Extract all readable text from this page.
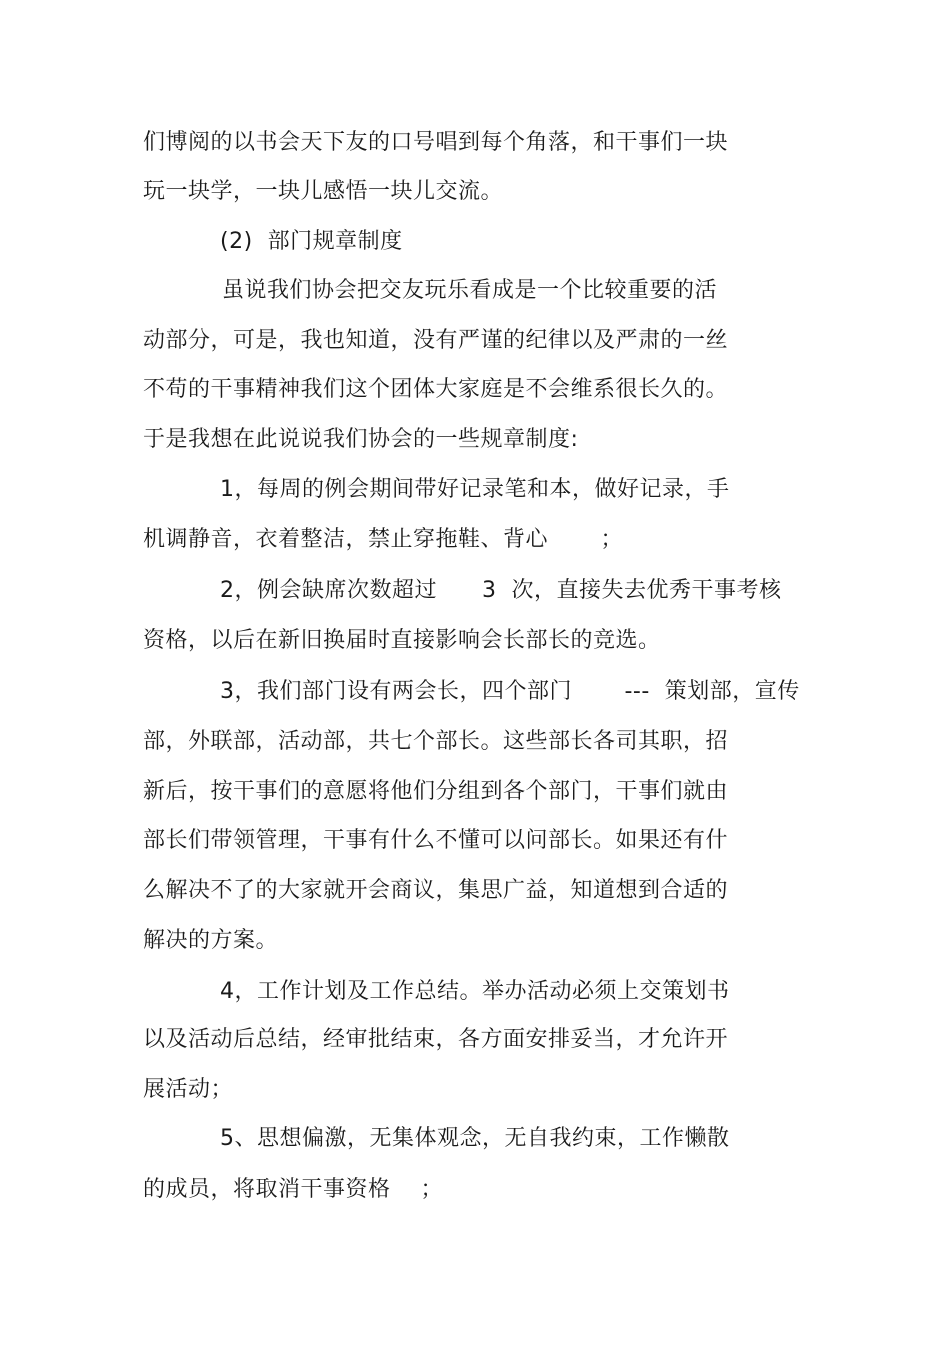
们博阅的以书会天下友的口号唱到每个角落，和干事们一块
玩一块学，一块儿感悟一块儿交流。
(2)  部门规章制度
虽说我们协会把交友玩乐看成是一个比较重要的活
动部分，可是，我也知道，没有严谨的纪律以及严肃的一丝
不苟的干事精神我们这个团体大家庭是不会维系很长久的。
于是我想在此说说我们协会的一些规章制度:
1，每周的例会期间带好记录笔和本，做好记录，手
机调静音，衣着整洁，禁止穿拖鞋、背心       ；
2，例会缺席次数超过      3  次，直接失去优秀干事考核
资格，以后在新旧换届时直接影响会长部长的竞选。
3，我们部门设有两会长，四个部门       ---  策划部，宣传
部，外联部，活动部，共七个部长。这些部长各司其职，招
新后，按干事们的意愿将他们分组到各个部门，干事们就由
部长们带领管理，干事有什么不懂可以问部长。如果还有什
么解决不了的大家就开会商议，集思广益，知道想到合适的
解决的方案。
4，工作计划及工作总结。举办活动必须上交策划书
以及活动后总结，经审批结束，各方面安排妥当，才允许开
展活动；
5、思想偏激，无集体观念，无自我约束，工作懒散
的成员，将取消干事资格    ；
